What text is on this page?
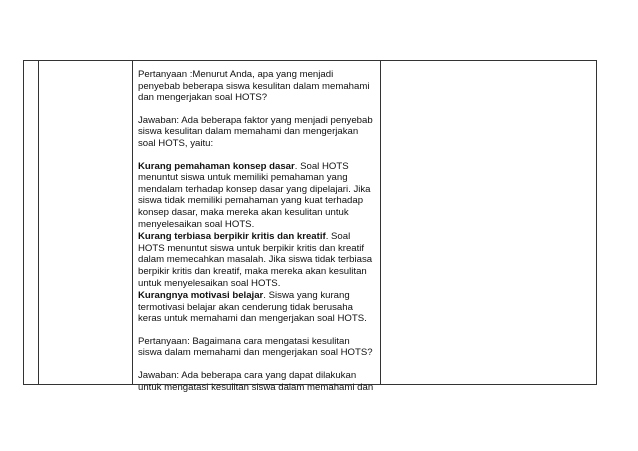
Pertanyaan :Menurut Anda, apa yang menjadi penyebab beberapa siswa kesulitan dalam memahami dan mengerjakan soal HOTS?

Jawaban: Ada beberapa faktor yang menjadi penyebab siswa kesulitan dalam memahami dan mengerjakan soal HOTS, yaitu:

Kurang pemahaman konsep dasar. Soal HOTS menuntut siswa untuk memiliki pemahaman yang mendalam terhadap konsep dasar yang dipelajari. Jika siswa tidak memiliki pemahaman yang kuat terhadap konsep dasar, maka mereka akan kesulitan untuk menyelesaikan soal HOTS.

Kurang terbiasa berpikir kritis dan kreatif. Soal HOTS menuntut siswa untuk berpikir kritis dan kreatif dalam memecahkan masalah. Jika siswa tidak terbiasa berpikir kritis dan kreatif, maka mereka akan kesulitan untuk menyelesaikan soal HOTS.

Kurangnya motivasi belajar. Siswa yang kurang termotivasi belajar akan cenderung tidak berusaha keras untuk memahami dan mengerjakan soal HOTS.

Pertanyaan: Bagaimana cara mengatasi kesulitan siswa dalam memahami dan mengerjakan soal HOTS?

Jawaban: Ada beberapa cara yang dapat dilakukan untuk mengatasi kesulitan siswa dalam memahami dan
